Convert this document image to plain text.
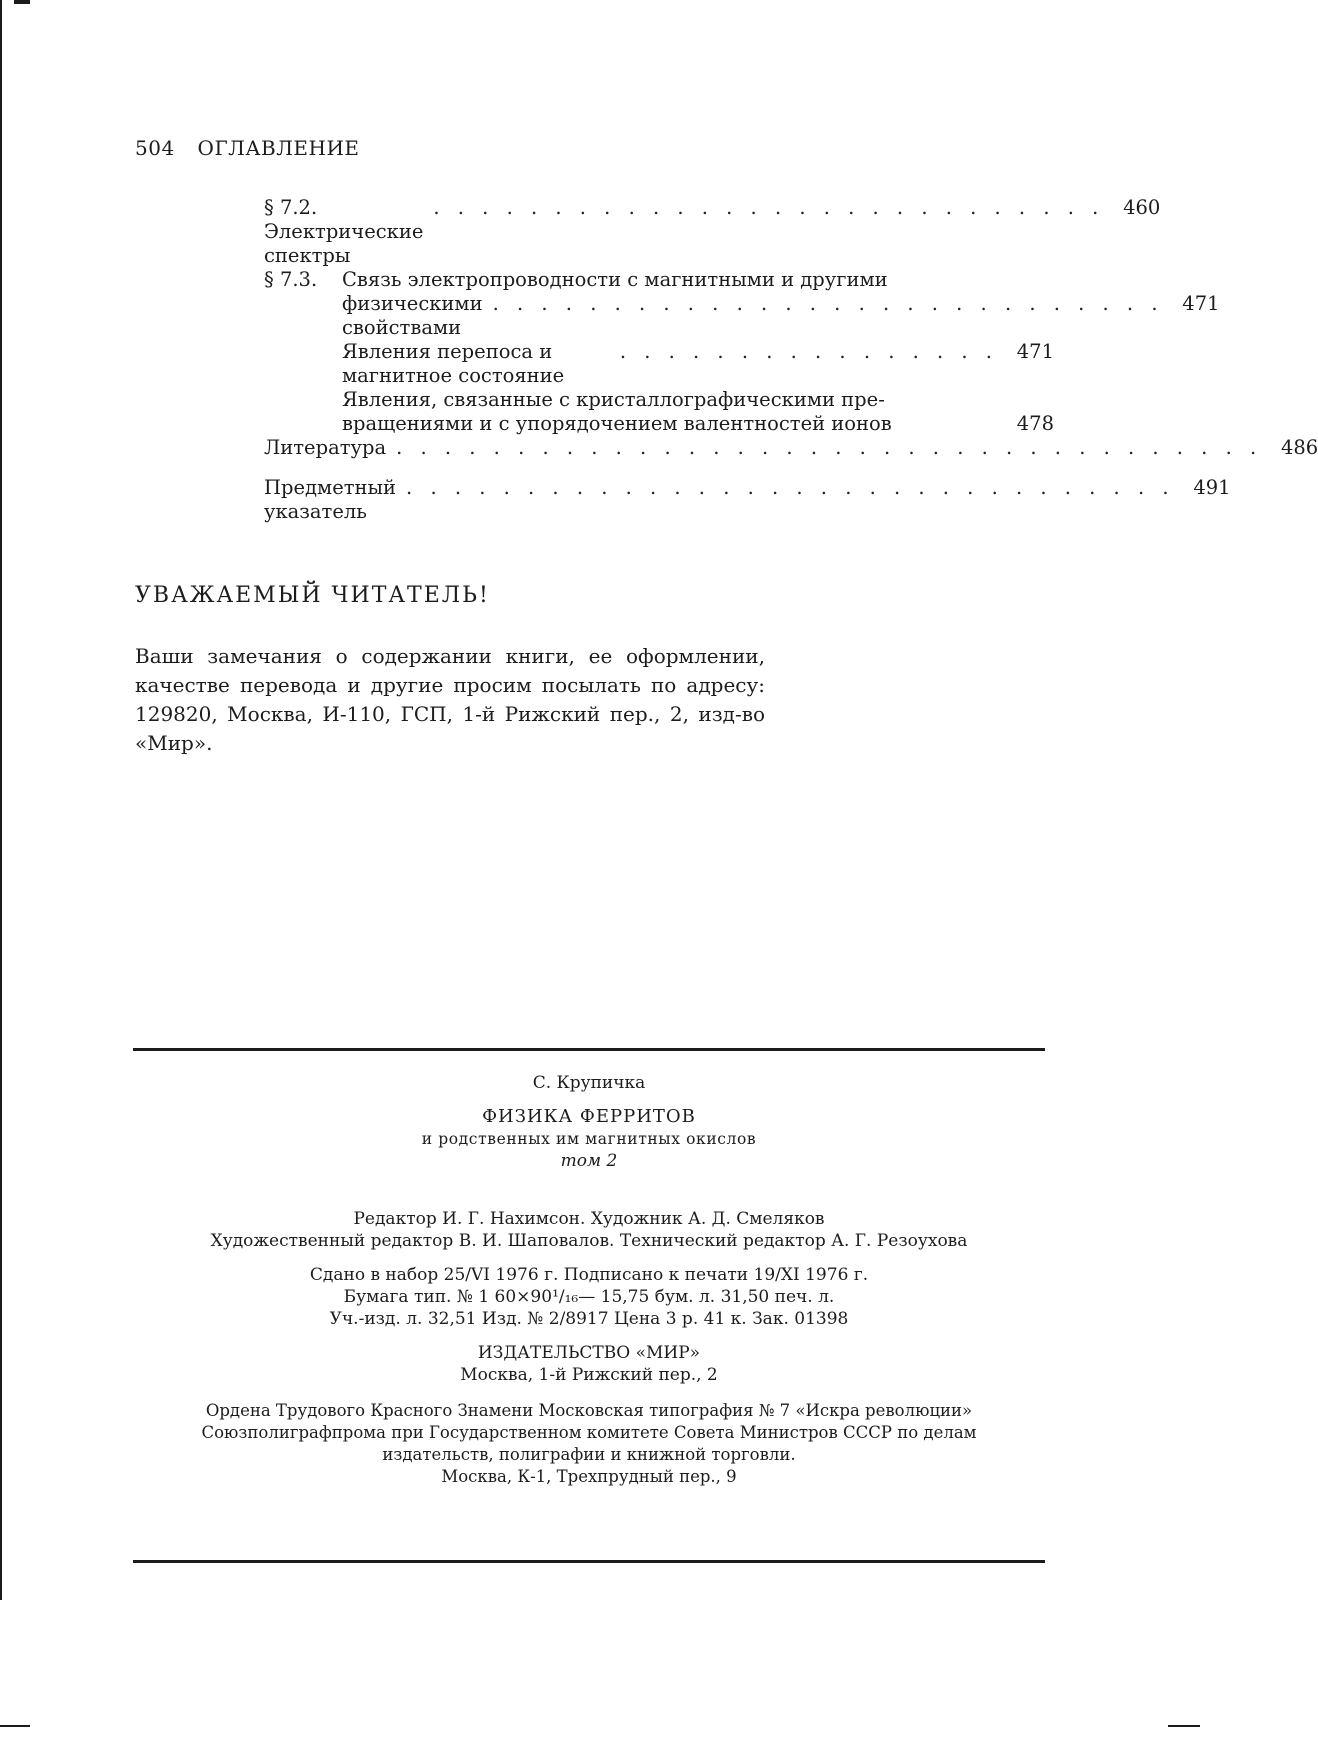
504 ОГЛАВЛЕНИЕ
§ 7.2.Электрические спектры
. . . . . . . . . . . . . . . . . . . . . . . . . . . . 460
§ 7.3. Связь электропроводности с магнитными и другими
физическими свойствами
. . . . . . . . . . . . . . . . . . . . . . . . . . . . 471
Явления перепоса и магнитное состояние
. . . . . . . . . . . . . . . . 471
Явления, связанные с кристаллографическими пре-
вращениями и с упорядочением валентностей ионов	478
Литература . . . . . . . . . . . . . . . . . . . . . . . . . . . . . . . . . . . . 486
Предметный указатель
. . . . . . . . . . . . . . . . . . . . . . . . . . . . . . . . 491
УВАЖАЕМЫЙ ЧИТАТЕЛЬ!
Ваши замечания о содержании книги, ее оформлении, качестве перевода и другие просим посылать по адресу: 129820, Москва, И-110, ГСП, 1-й Рижский пер., 2, изд-во «Мир».
С. Крупичка
ФИЗИКА ФЕРРИТОВ
и родственных им магнитных окислов
том 2
Редактор И. Г. Нахимсон. Художник А. Д. Смеляков
Художественный редактор В. И. Шаповалов. Технический редактор А. Г. Резоухова
Сдано в набор 25/VI 1976 г. Подписано к печати 19/XI 1976 г.
Бумага тип. № 1 60×90¹/₁₆— 15,75 бум. л. 31,50 печ. л.
Уч.-изд. л. 32,51 Изд. № 2/8917 Цена 3 р. 41 к. Зак. 01398
ИЗДАТЕЛЬСТВО «МИР»
Москва, 1-й Рижский пер., 2
Ордена Трудового Красного Знамени Московская типография № 7 «Искра революции»
Союзполиграфпрома при Государственном комитете Совета Министров СССР по делам
издательств, полиграфии и книжной торговли.
Москва, К-1, Трехпрудный пер., 9
